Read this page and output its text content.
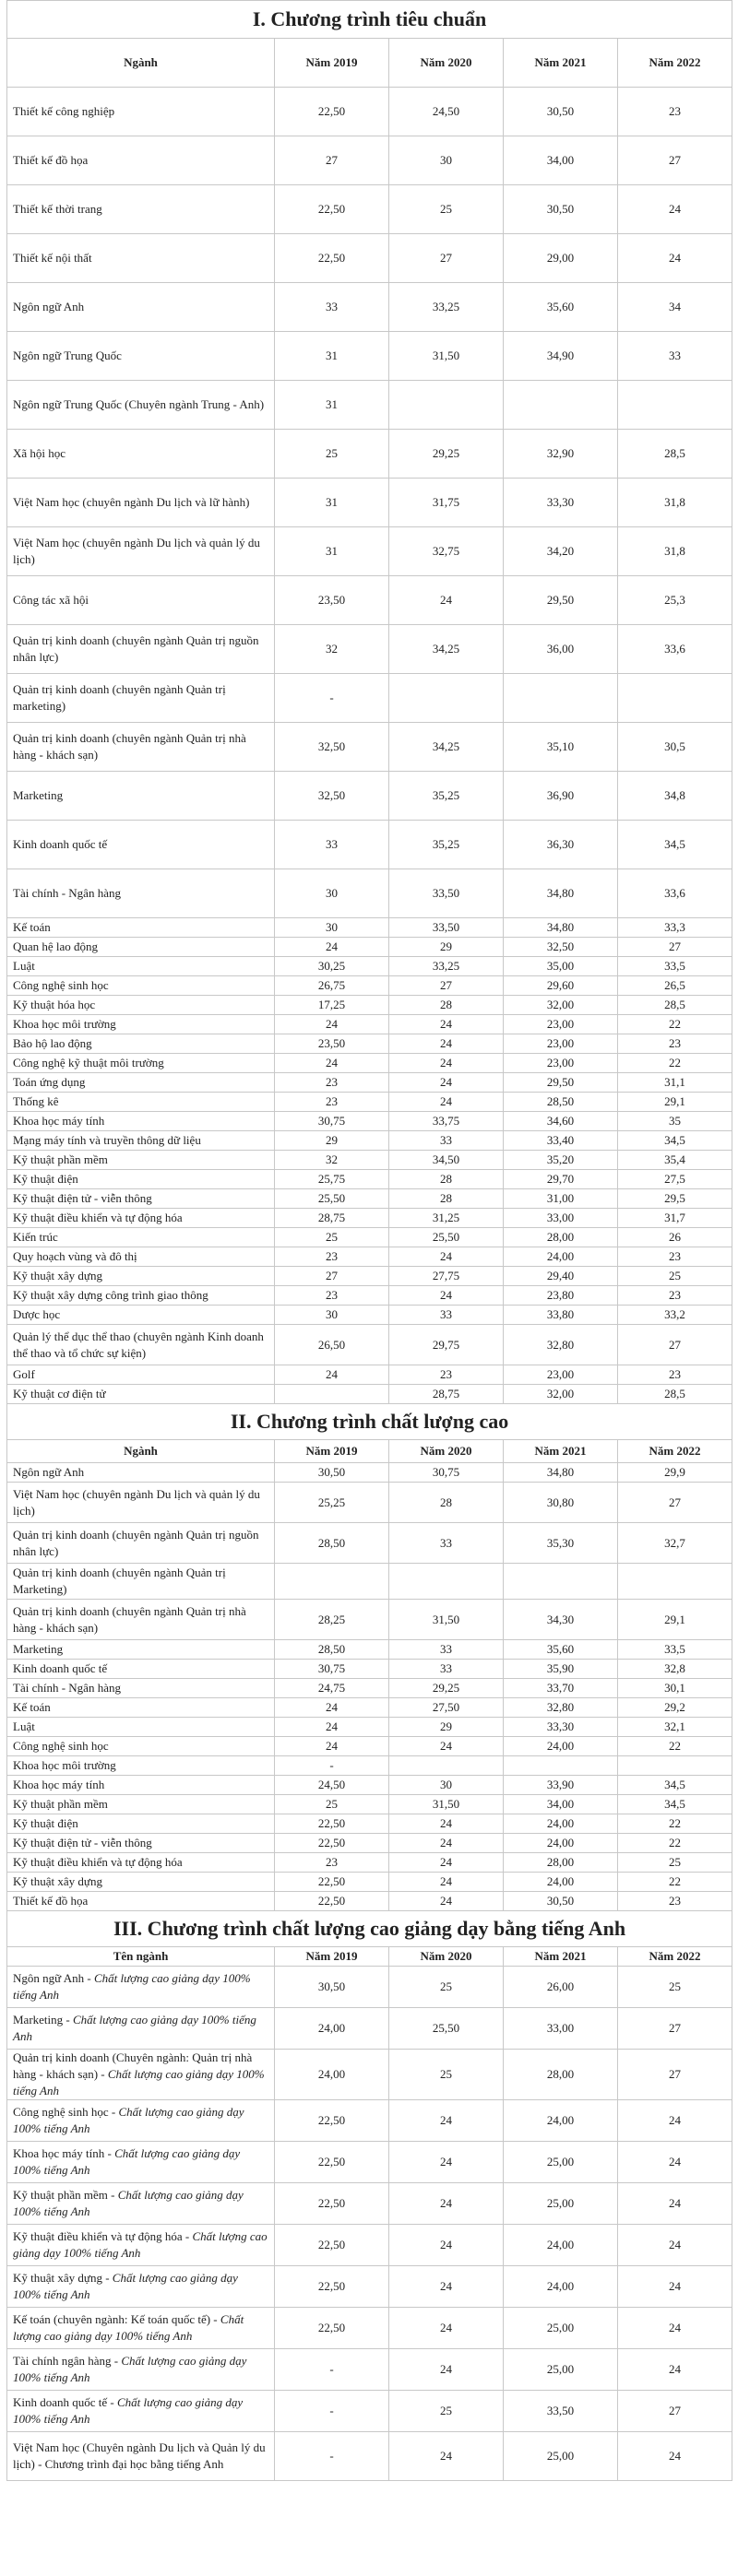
I. Chương trình tiêu chuẩn				
Ngành	Năm 2019	Năm 2020	Năm 2021	Năm 2022
Thiết kế công nghiệp	22,50	24,50	30,50	23
Thiết kế đồ họa	27	30	34,00	27
Thiết kế thời trang	22,50	25	30,50	24
Thiết kế nội thất	22,50	27	29,00	24
Ngôn ngữ Anh	33	33,25	35,60	34
Ngôn ngữ Trung Quốc	31	31,50	34,90	33
Ngôn ngữ Trung Quốc (Chuyên ngành Trung - Anh)	31			
Xã hội học	25	29,25	32,90	28,5
Việt Nam học (chuyên ngành Du lịch và lữ hành)	31	31,75	33,30	31,8
Việt Nam học (chuyên ngành Du lịch và quản lý du lịch)	31	32,75	34,20	31,8
Công tác xã hội	23,50	24	29,50	25,3
Quản trị kinh doanh (chuyên ngành Quản trị nguồn nhân lực)	32	34,25	36,00	33,6
Quản trị kinh doanh (chuyên ngành Quản trị marketing)	-			
Quản trị kinh doanh (chuyên ngành Quản trị nhà hàng - khách sạn)	32,50	34,25	35,10	30,5
Marketing	32,50	35,25	36,90	34,8
Kinh doanh quốc tế	33	35,25	36,30	34,5
Tài chính - Ngân hàng	30	33,50	34,80	33,6
Kế toán	30	33,50	34,80	33,3
Quan hệ lao động	24	29	32,50	27
Luật	30,25	33,25	35,00	33,5
Công nghệ sinh học	26,75	27	29,60	26,5
Kỹ thuật hóa học	17,25	28	32,00	28,5
Khoa học môi trường	24	24	23,00	22
Bảo hộ lao động	23,50	24	23,00	23
Công nghệ kỹ thuật môi trường	24	24	23,00	22
Toán ứng dụng	23	24	29,50	31,1
Thống kê	23	24	28,50	29,1
Khoa học máy tính	30,75	33,75	34,60	35
Mạng máy tính và truyền thông dữ liệu	29	33	33,40	34,5
Kỹ thuật phần mềm	32	34,50	35,20	35,4
Kỹ thuật điện	25,75	28	29,70	27,5
Kỹ thuật điện tử - viễn thông	25,50	28	31,00	29,5
Kỹ thuật điều khiển và tự động hóa	28,75	31,25	33,00	31,7
Kiến trúc	25	25,50	28,00	26
Quy hoạch vùng và đô thị	23	24	24,00	23
Kỹ thuật xây dựng	27	27,75	29,40	25
Kỹ thuật xây dựng công trình giao thông	23	24	23,80	23
Dược học	30	33	33,80	33,2
Quản lý thể dục thể thao (chuyên ngành Kinh doanh thể thao và tổ chức sự kiện)	26,50	29,75	32,80	27
Golf	24	23	23,00	23
Kỹ thuật cơ điện tử		28,75	32,00	28,5
II. Chương trình chất lượng cao				
Ngành	Năm 2019	Năm 2020	Năm 2021	Năm 2022
Ngôn ngữ Anh	30,50	30,75	34,80	29,9
Việt Nam học (chuyên ngành Du lịch và quản lý du lịch)	25,25	28	30,80	27
Quản trị kinh doanh (chuyên ngành Quản trị nguồn nhân lực)	28,50	33	35,30	32,7
Quản trị kinh doanh (chuyên ngành Quản trị Marketing)				
Quản trị kinh doanh (chuyên ngành Quản trị nhà hàng - khách sạn)	28,25	31,50	34,30	29,1
Marketing	28,50	33	35,60	33,5
Kinh doanh quốc tế	30,75	33	35,90	32,8
Tài chính - Ngân hàng	24,75	29,25	33,70	30,1
Kế toán	24	27,50	32,80	29,2
Luật	24	29	33,30	32,1
Công nghệ sinh học	24	24	24,00	22
Khoa học môi trường	-			
Khoa học máy tính	24,50	30	33,90	34,5
Kỹ thuật phần mềm	25	31,50	34,00	34,5
Kỹ thuật điện	22,50	24	24,00	22
Kỹ thuật điện tử - viễn thông	22,50	24	24,00	22
Kỹ thuật điều khiển và tự động hóa	23	24	28,00	25
Kỹ thuật xây dựng	22,50	24	24,00	22
Thiết kế đồ họa	22,50	24	30,50	23
III. Chương trình chất lượng cao giảng dạy bằng tiếng Anh				
Tên ngành	Năm 2019	Năm 2020	Năm 2021	Năm 2022
Ngôn ngữ Anh - Chất lượng cao giảng dạy 100% tiếng Anh	30,50	25	26,00	25
Marketing - Chất lượng cao giảng dạy 100% tiếng Anh	24,00	25,50	33,00	27
Quản trị kinh doanh (Chuyên ngành: Quản trị nhà hàng - khách sạn) - Chất lượng cao giảng dạy 100% tiếng Anh	24,00	25	28,00	27
Công nghệ sinh học - Chất lượng cao giảng dạy 100% tiếng Anh	22,50	24	24,00	24
Khoa học máy tính - Chất lượng cao giảng dạy 100% tiếng Anh	22,50	24	25,00	24
Kỹ thuật phần mềm - Chất lượng cao giảng dạy 100% tiếng Anh	22,50	24	25,00	24
Kỹ thuật điều khiển và tự động hóa - Chất lượng cao giảng dạy 100% tiếng Anh	22,50	24	24,00	24
Kỹ thuật xây dựng - Chất lượng cao giảng dạy 100% tiếng Anh	22,50	24	24,00	24
Kế toán (chuyên ngành: Kế toán quốc tế) - Chất lượng cao giảng dạy 100% tiếng Anh	22,50	24	25,00	24
Tài chính ngân hàng - Chất lượng cao giảng dạy 100% tiếng Anh	-	24	25,00	24
Kinh doanh quốc tế - Chất lượng cao giảng dạy 100% tiếng Anh	-	25	33,50	27
Việt Nam học (Chuyên ngành Du lịch và Quản lý du lịch) - Chương trình đại học bằng tiếng Anh	-	24	25,00	24
